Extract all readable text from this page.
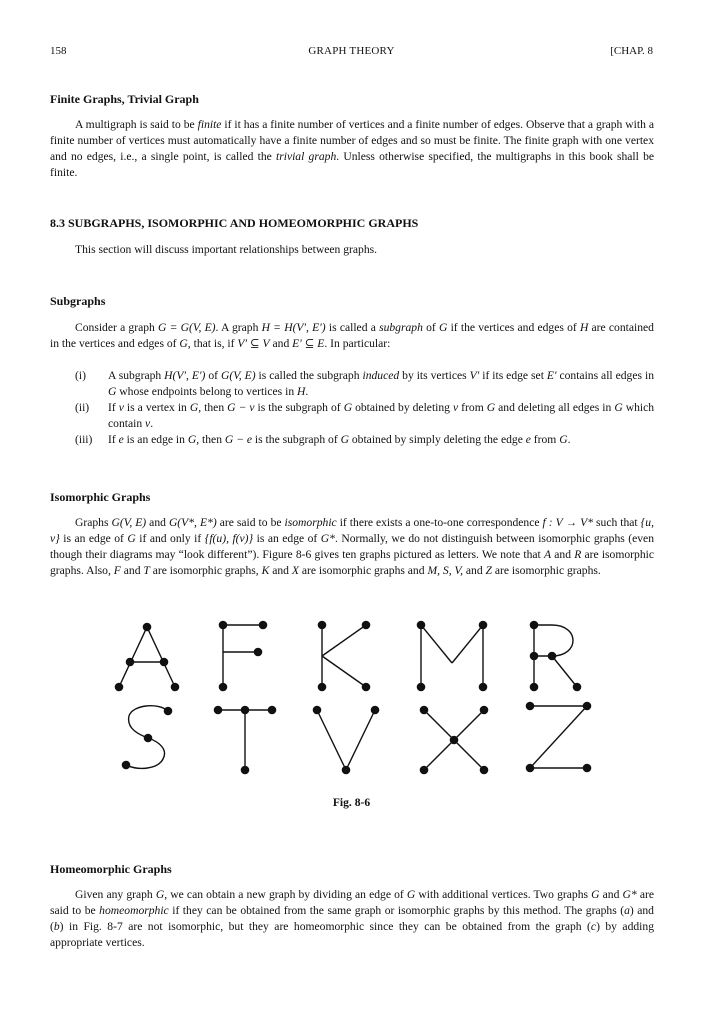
158	GRAPH THEORY	[CHAP. 8
Finite Graphs, Trivial Graph

A multigraph is said to be finite if it has a finite number of vertices and a finite number of edges. Observe that a graph with a finite number of vertices must automatically have a finite number of edges and so must be finite. The finite graph with one vertex and no edges, i.e., a single point, is called the trivial graph. Unless otherwise specified, the multigraphs in this book shall be finite.

8.3 SUBGRAPHS, ISOMORPHIC AND HOMEOMORPHIC GRAPHS

This section will discuss important relationships between graphs.

Subgraphs

Consider a graph G = G(V, E). A graph H = H(V′, E′) is called a subgraph of G if the vertices and edges of H are contained in the vertices and edges of G, that is, if V′ ⊆ V and E′ ⊆ E. In particular:

(i)	A subgraph H(V′, E′) of G(V, E) is called the subgraph induced by its vertices V′ if its edge set E′ contains all edges in G whose endpoints belong to vertices in H.
(ii)	If v is a vertex in G, then G − v is the subgraph of G obtained by deleting v from G and deleting all edges in G which contain v.
(iii)	If e is an edge in G, then G − e is the subgraph of G obtained by simply deleting the edge e from G.
Isomorphic Graphs

Graphs G(V, E) and G(V*, E*) are said to be isomorphic if there exists a one-to-one correspondence f : V → V* such that {u, v} is an edge of G if and only if {f(u), f(v)} is an edge of G*. Normally, we do not distinguish between isomorphic graphs (even though their diagrams may “look different”). Figure 8-6 gives ten graphs pictured as letters. We note that A and R are isomorphic graphs. Also, F and T are isomorphic graphs, K and X are isomorphic graphs and M, S, V, and Z are isomorphic graphs.

Fig. 8-6
Homeomorphic Graphs

Given any graph G, we can obtain a new graph by dividing an edge of G with additional vertices. Two graphs G and G* are said to be homeomorphic if they can be obtained from the same graph or isomorphic graphs by this method. The graphs (a) and (b) in Fig. 8-7 are not isomorphic, but they are homeomorphic since they can be obtained from the graph (c) by adding appropriate vertices.
